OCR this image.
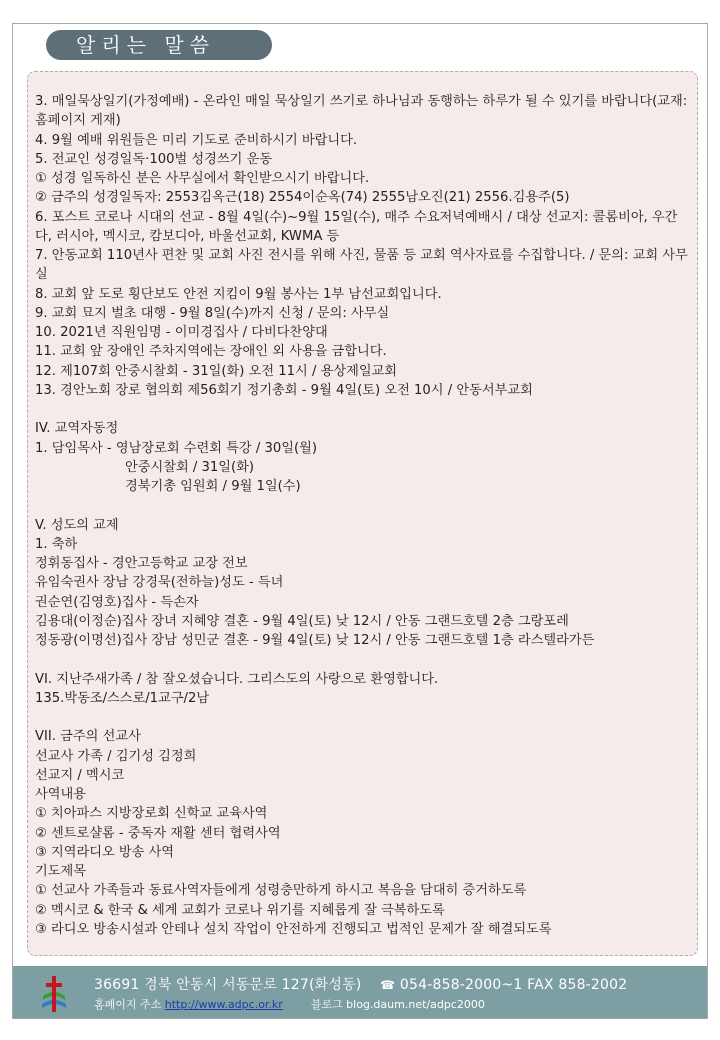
알리는 말씀
3. 매일묵상일기(가정예배) - 온라인 매일 묵상일기 쓰기로 하나님과 동행하는 하루가 될 수 있기를 바랍니다(교재: 홈페이지 게재)
4. 9월 예배 위원들은 미리 기도로 준비하시기 바랍니다.
5. 전교인 성경일독·100벌 성경쓰기 운동
① 성경 일독하신 분은 사무실에서 확인받으시기 바랍니다.
② 금주의 성경일독자: 2553김옥근(18) 2554이순옥(74) 2555남오진(21) 2556.김용주(5)
6. 포스트 코로나 시대의 선교 - 8월 4일(수)~9월 15일(수), 매주 수요저녁예배시 / 대상 선교지: 콜롬비아, 우간다, 러시아, 멕시코, 캄보디아, 바울선교회, KWMA 등
7. 안동교회 110년사 편찬 및 교회 사진 전시를 위해 사진, 물품 등 교회 역사자료를 수집합니다. / 문의: 교회 사무실
8. 교회 앞 도로 횡단보도 안전 지킴이 9월 봉사는 1부 남선교회입니다.
9. 교회 묘지 벌초 대행 - 9월 8일(수)까지 신청 / 문의: 사무실
10. 2021년 직원임명 - 이미경집사 / 다비다찬양대
11. 교회 앞 장애인 주차지역에는 장애인 외 사용을 금합니다.
12. 제107회 안중시찰회 - 31일(화) 오전 11시 / 용상제일교회
13. 경안노회 장로 협의회 제56회기 정기총회 - 9월 4일(토) 오전 10시 / 안동서부교회
IV. 교역자동정
1. 담임목사 - 영남장로회 수련회 특강 / 30일(월)
안중시찰회 / 31일(화)
경북기총 임원회 / 9월 1일(수)
V. 성도의 교제
1. 축하
정휘동집사 - 경안고등학교 교장 전보
유임숙권사 장남 강경묵(전하늘)성도 - 득녀
권순연(김영호)집사 - 득손자
김용대(이정순)집사 장녀 지혜양 결혼 - 9월 4일(토) 낮 12시 / 안동 그랜드호텔 2층 그랑포레
정동광(이명선)집사 장남 성민군 결혼 - 9월 4일(토) 낮 12시 / 안동 그랜드호텔 1층 라스텔라가든
VI. 지난주새가족 / 참 잘오셨습니다. 그리스도의 사랑으로 환영합니다.
135.박동조/스스로/1교구/2남
VII. 금주의 선교사
선교사 가족 / 김기성 김정희
선교지 / 멕시코
사역내용
① 치아파스 지방장로회 신학교 교육사역
② 센트로샬롬 - 중독자 재활 센터 협력사역
③ 지역라디오 방송 사역
기도제목
① 선교사 가족들과 동료사역자들에게 성령충만하게 하시고 복음을 담대히 증거하도록
② 멕시코 & 한국 & 세계 교회가 코로나 위기를 지혜롭게 잘 극복하도록
③ 라디오 방송시설과 안테나 설치 작업이 안전하게 진행되고 법적인 문제가 잘 해결되도록
36691 경북 안동시 서동문로 127(화성동) ☎ 054-858-2000~1 FAX 858-2002
홈페이지 주소 http://www.adpc.or.kr	블로그 blog.daum.net/adpc2000
